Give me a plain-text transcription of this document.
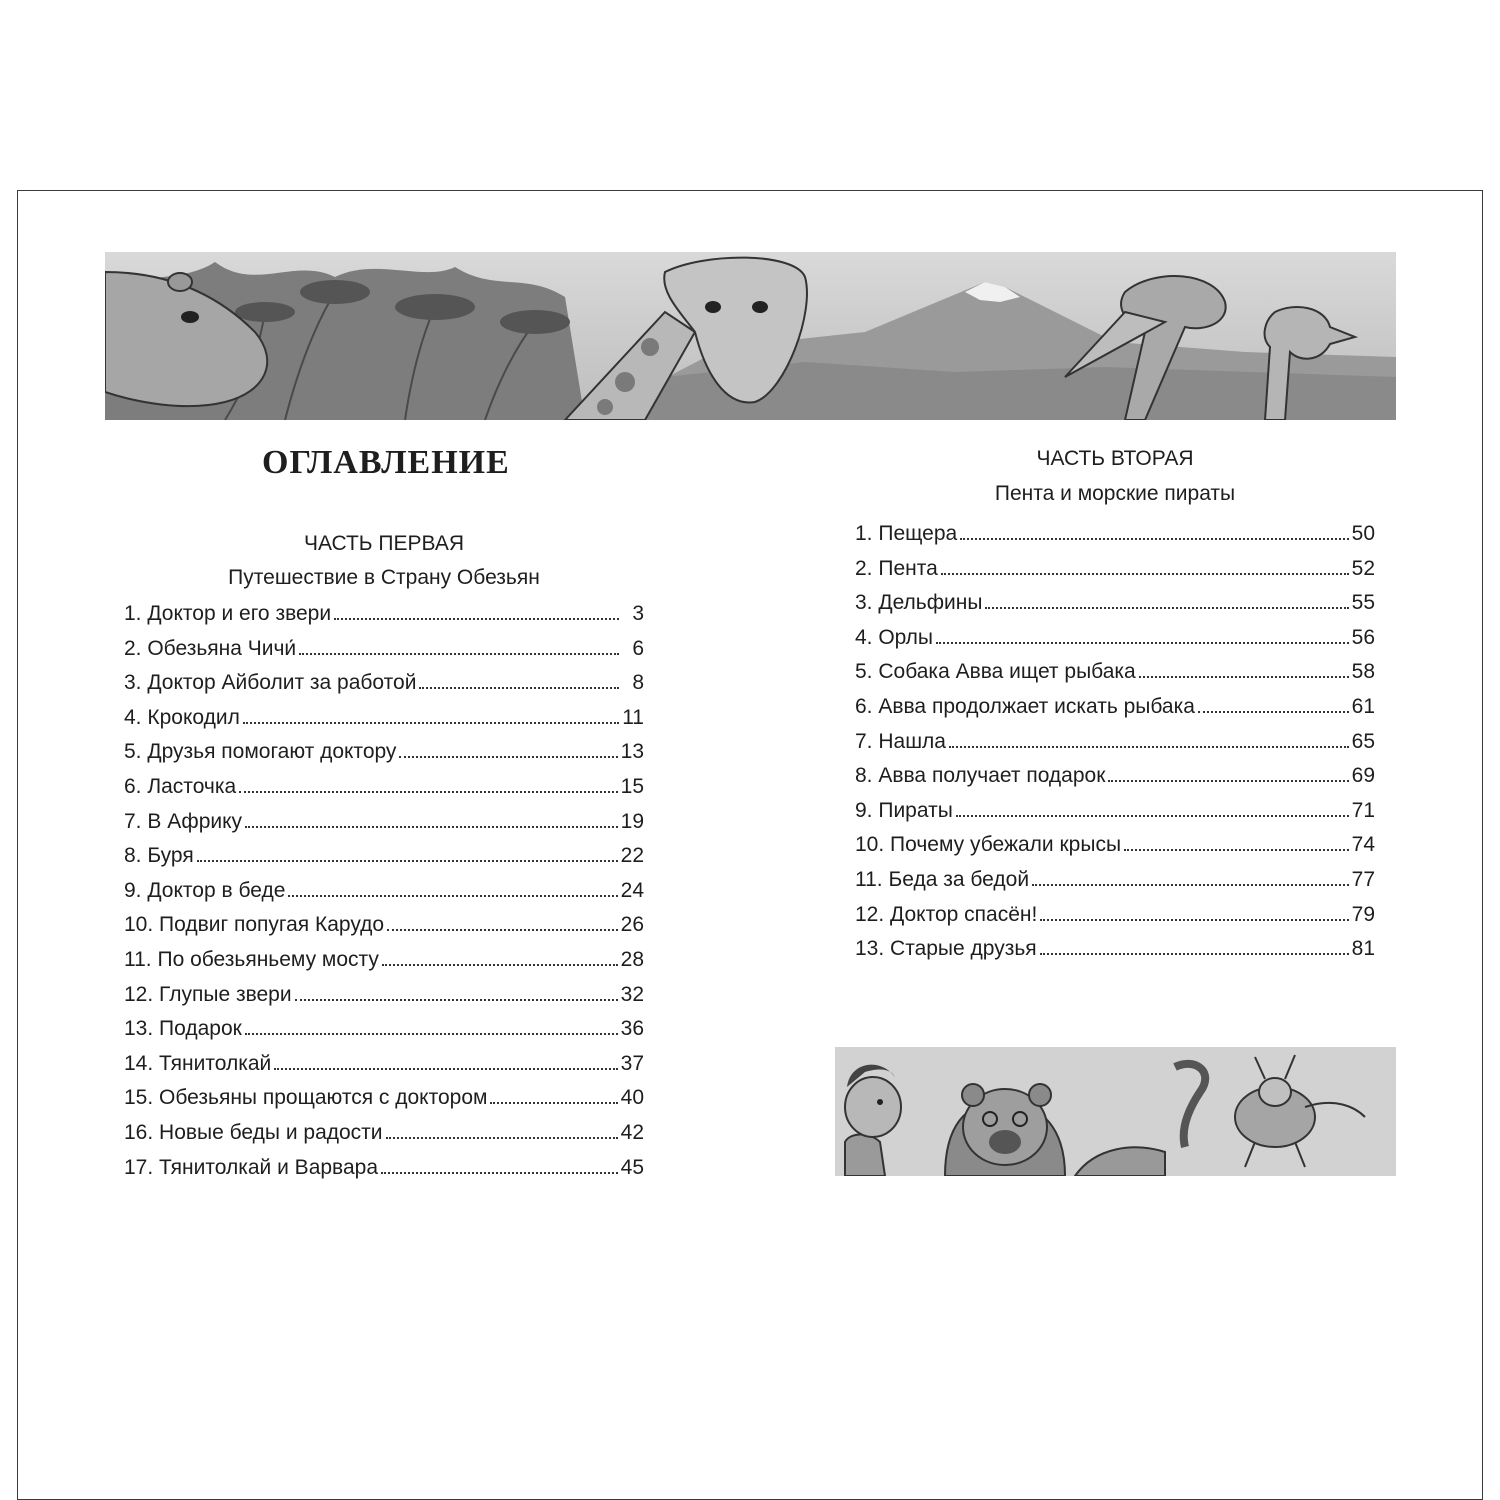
ОГЛАВЛЕНИЕ
ЧАСТЬ ПЕРВАЯ
Путешествие в Страну Обезьян
1. Доктор и его звери	3
2. Обезьяна Чичи́	6
3. Доктор Айболит за работой	8
4. Крокодил	11
5. Друзья помогают доктору	13
6. Ласточка	15
7. В Африку	19
8. Буря	22
9. Доктор в беде	24
10. Подвиг попугая Карудо	26
11. По обезьяньему мосту	28
12. Глупые звери	32
13. Подарок	36
14. Тянитолкай	37
15. Обезьяны прощаются с доктором	40
16. Новые беды и радости	42
17. Тянитолкай и Варвара	45
ЧАСТЬ ВТОРАЯ
Пента и морские пираты
1. Пещера	50
2. Пента	52
3. Дельфины	55
4. Орлы	56
5. Собака Авва ищет рыбака	58
6. Авва продолжает искать рыбака	61
7. Нашла	65
8. Авва получает подарок	69
9. Пираты	71
10. Почему убежали крысы	74
11. Беда за бедой	77
12. Доктор спасён!	79
13. Старые друзья	81
